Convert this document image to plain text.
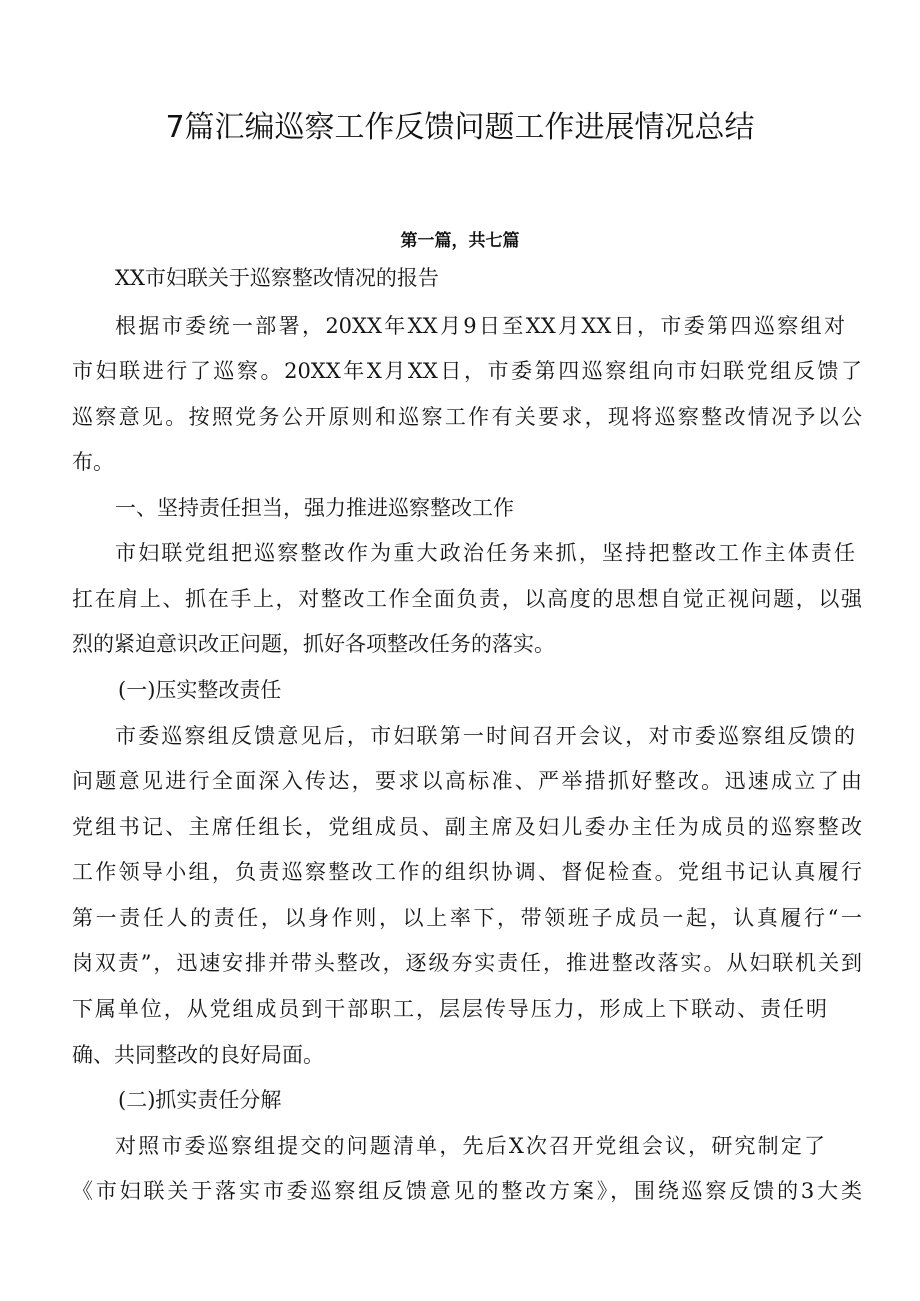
7篇汇编巡察工作反馈问题工作进展情况总结
第一篇，共七篇
XX市妇联关于巡察整改情况的报告
根据市委统一部署，20XX年XX月9日至XX月XX日，市委第四巡察组对
市妇联进行了巡察。20XX年X月XX日，市委第四巡察组向市妇联党组反馈了
巡察意见。按照党务公开原则和巡察工作有关要求，现将巡察整改情况予以公
布。
一、坚持责任担当，强力推进巡察整改工作
市妇联党组把巡察整改作为重大政治任务来抓，坚持把整改工作主体责任
扛在肩上、抓在手上，对整改工作全面负责，以高度的思想自觉正视问题，以强
烈的紧迫意识改正问题，抓好各项整改任务的落实。
(一)压实整改责任
市委巡察组反馈意见后，市妇联第一时间召开会议，对市委巡察组反馈的
问题意见进行全面深入传达，要求以高标准、严举措抓好整改。迅速成立了由
党组书记、主席任组长，党组成员、副主席及妇儿委办主任为成员的巡察整改
工作领导小组，负责巡察整改工作的组织协调、督促检查。党组书记认真履行
第一责任人的责任，以身作则，以上率下，带领班子成员一起，认真履行“一
岗双责”，迅速安排并带头整改，逐级夯实责任，推进整改落实。从妇联机关到
下属单位，从党组成员到干部职工，层层传导压力，形成上下联动、责任明
确、共同整改的良好局面。
(二)抓实责任分解
对照市委巡察组提交的问题清单，先后X次召开党组会议，研究制定了
《市妇联关于落实市委巡察组反馈意见的整改方案》，围绕巡察反馈的3大类
